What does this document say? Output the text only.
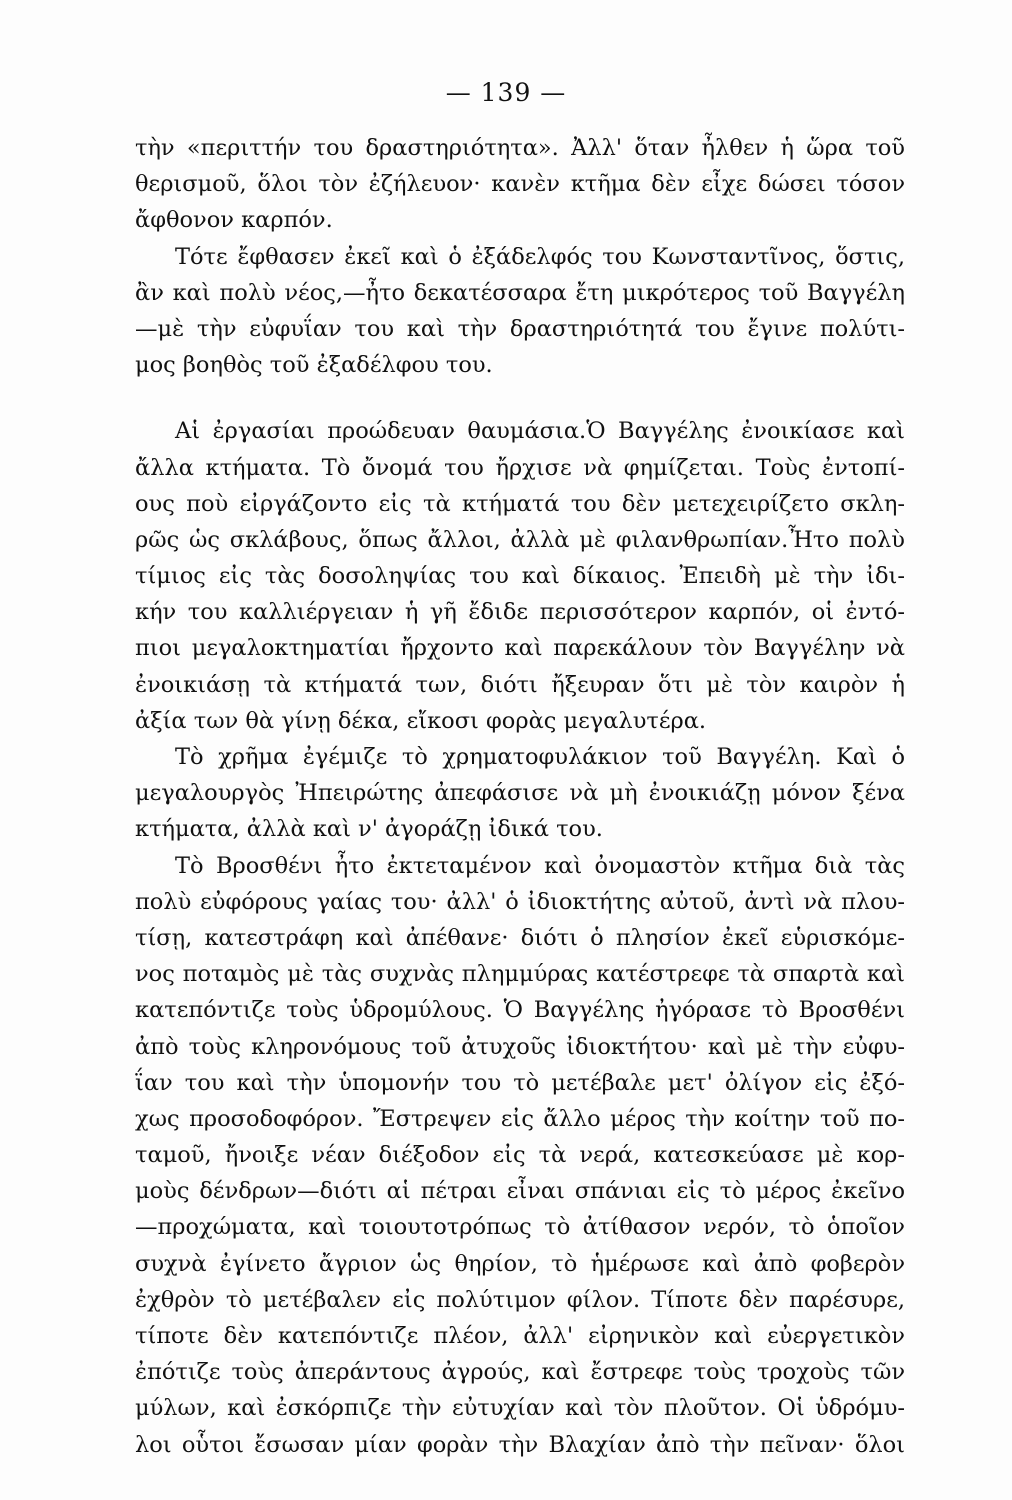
— 139 —
τὴν «περιττήν του δραστηριότητα». Ἀλλ' ὅταν ἦλθεν ἡ ὥρα τοῦ
θερισμοῦ, ὅλοι τὸν ἐζήλευον· κανὲν κτῆμα δὲν εἶχε δώσει τόσον
ἄφθονον καρπόν.
Τότε ἔφθασεν ἐκεῖ καὶ ὁ ἐξάδελφός του Κωνσταντῖνος, ὅστις,
ἂν καὶ πολὺ νέος,—ἦτο δεκατέσσαρα ἔτη μικρότερος τοῦ Βαγγέλη
—μὲ τὴν εὐφυΐαν του καὶ τὴν δραστηριότητά του ἔγινε πολύτι-
μος βοηθὸς τοῦ ἐξαδέλφου του.
Αἱ ἐργασίαι προώδευαν θαυμάσια.Ὁ Βαγγέλης ἐνοικίασε καὶ
ἄλλα κτήματα. Τὸ ὄνομά του ἤρχισε νὰ φημίζεται. Τοὺς ἐντοπί-
ους ποὺ εἰργάζοντο εἰς τὰ κτήματά του δὲν μετεχειρίζετο σκλη-
ρῶς ὡς σκλάβους, ὅπως ἄλλοι, ἀλλὰ μὲ φιλανθρωπίαν.Ἦτο πολὺ
τίμιος εἰς τὰς δοσοληψίας του καὶ δίκαιος. Ἐπειδὴ μὲ τὴν ἰδι-
κήν του καλλιέργειαν ἡ γῆ ἔδιδε περισσότερον καρπόν, οἱ ἐντό-
πιοι μεγαλοκτηματίαι ἤρχοντο καὶ παρεκάλουν τὸν Βαγγέλην νὰ
ἐνοικιάσῃ τὰ κτήματά των, διότι ἤξευραν ὅτι μὲ τὸν καιρὸν ἡ
ἀξία των θὰ γίνῃ δέκα, εἴκοσι φορὰς μεγαλυτέρα.
Τὸ χρῆμα ἐγέμιζε τὸ χρηματοφυλάκιον τοῦ Βαγγέλη. Καὶ ὁ
μεγαλουργὸς Ἠπειρώτης ἀπεφάσισε νὰ μὴ ἐνοικιάζῃ μόνον ξένα
κτήματα, ἀλλὰ καὶ ν' ἀγοράζῃ ἰδικά του.
Τὸ Βροσθένι ἦτο ἐκτεταμένον καὶ ὀνομαστὸν κτῆμα διὰ τὰς
πολὺ εὐφόρους γαίας του· ἀλλ' ὁ ἰδιοκτήτης αὐτοῦ, ἀντὶ νὰ πλου-
τίσῃ, κατεστράφη καὶ ἀπέθανε· διότι ὁ πλησίον ἐκεῖ εὑρισκόμε-
νος ποταμὸς μὲ τὰς συχνὰς πλημμύρας κατέστρεφε τὰ σπαρτὰ καὶ
κατεπόντιζε τοὺς ὑδρομύλους. Ὁ Βαγγέλης ἠγόρασε τὸ Βροσθένι
ἀπὸ τοὺς κληρονόμους τοῦ ἀτυχοῦς ἰδιοκτήτου· καὶ μὲ τὴν εὐφυ-
ΐαν του καὶ τὴν ὑπομονήν του τὸ μετέβαλε μετ' ὀλίγον εἰς ἐξό-
χως προσοδοφόρον. Ἔστρεψεν εἰς ἄλλο μέρος τὴν κοίτην τοῦ πο-
ταμοῦ, ἤνοιξε νέαν διέξοδον εἰς τὰ νερά, κατεσκεύασε μὲ κορ-
μοὺς δένδρων—διότι αἱ πέτραι εἶναι σπάνιαι εἰς τὸ μέρος ἐκεῖνο
—προχώματα, καὶ τοιουτοτρόπως τὸ ἀτίθασον νερόν, τὸ ὁποῖον
συχνὰ ἐγίνετο ἄγριον ὡς θηρίον, τὸ ἡμέρωσε καὶ ἀπὸ φοβερὸν
ἐχθρὸν τὸ μετέβαλεν εἰς πολύτιμον φίλον. Τίποτε δὲν παρέσυρε,
τίποτε δὲν κατεπόντιζε πλέον, ἀλλ' εἰρηνικὸν καὶ εὐεργετικὸν
ἐπότιζε τοὺς ἀπεράντους ἀγρούς, καὶ ἔστρεφε τοὺς τροχοὺς τῶν
μύλων, καὶ ἐσκόρπιζε τὴν εὐτυχίαν καὶ τὸν πλοῦτον. Οἱ ὑδρόμυ-
λοι οὗτοι ἔσωσαν μίαν φορὰν τὴν Βλαχίαν ἀπὸ τὴν πεῖναν· ὅλοι
